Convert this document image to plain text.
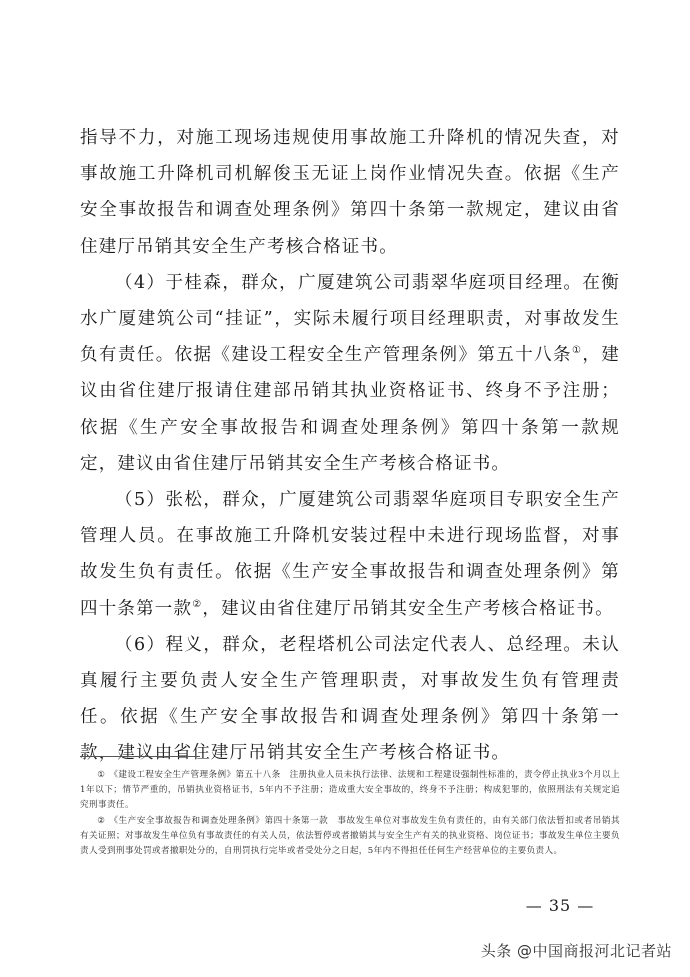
指导不力，对施工现场违规使用事故施工升降机的情况失查，对事故施工升降机司机解俊玉无证上岗作业情况失查。依据《生产安全事故报告和调查处理条例》第四十条第一款规定，建议由省住建厅吊销其安全生产考核合格证书。

（4）于桂森，群众，广厦建筑公司翡翠华庭项目经理。在衡水广厦建筑公司“挂证”，实际未履行项目经理职责，对事故发生负有责任。依据《建设工程安全生产管理条例》第五十八条①，建议由省住建厅报请住建部吊销其执业资格证书、终身不予注册；依据《生产安全事故报告和调查处理条例》第四十条第一款规定，建议由省住建厅吊销其安全生产考核合格证书。

（5）张松，群众，广厦建筑公司翡翠华庭项目专职安全生产管理人员。在事故施工升降机安装过程中未进行现场监督，对事故发生负有责任。依据《生产安全事故报告和调查处理条例》第四十条第一款②，建议由省住建厅吊销其安全生产考核合格证书。

（6）程义，群众，老程塔机公司法定代表人、总经理。未认真履行主要负责人安全生产管理职责，对事故发生负有管理责任。依据《生产安全事故报告和调查处理条例》第四十条第一款，建议由省住建厅吊销其安全生产考核合格证书。

① 《建设工程安全生产管理条例》第五十八条　注册执业人员未执行法律、法规和工程建设强制性标准的，责令停止执业3个月以上1年以下；情节严重的，吊销执业资格证书，5年内不予注册；造成重大安全事故的，终身不予注册；构成犯罪的，依照刑法有关规定追究刑事责任。

② 《生产安全事故报告和调查处理条例》第四十条第一款　事故发生单位对事故发生负有责任的，由有关部门依法暂扣或者吊销其有关证照；对事故发生单位负有事故责任的有关人员，依法暂停或者撤销其与安全生产有关的执业资格、岗位证书；事故发生单位主要负责人受到刑事处罚或者撤职处分的，自刑罚执行完毕或者受处分之日起，5年内不得担任任何生产经营单位的主要负责人。

— 35 —
头条 @中国商报河北记者站
